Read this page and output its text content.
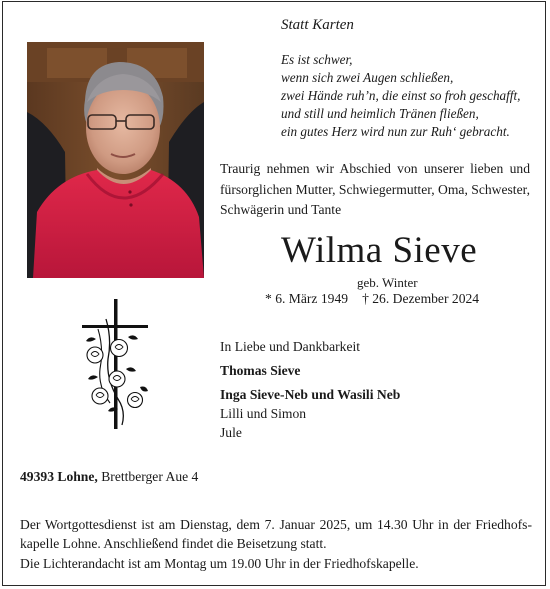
Statt Karten
Es ist schwer,
wenn sich zwei Augen schließen,
zwei Hände ruh’n, die einst so froh geschafft,
und still und heimlich Tränen fließen,
ein gutes Herz wird nun zur Ruh‘ gebracht.
Traurig nehmen wir Abschied von unserer lieben und
fürsorglichen Mutter, Schwiegermutter, Oma, Schwester,
Schwägerin und Tante
Wilma Sieve
geb. Winter
* 6. März 1949 † 26. Dezember 2024
In Liebe und Dankbarkeit
Thomas Sieve
Inga Sieve-Neb und Wasili Neb
Lilli und Simon
Jule
49393 Lohne, Brettberger Aue 4
Der Wortgottesdienst ist am Dienstag, dem 7. Januar 2025, um 14.30 Uhr in der Friedhofs-
kapelle Lohne. Anschließend findet die Beisetzung statt.
Die Lichterandacht ist am Montag um 19.00 Uhr in der Friedhofskapelle.
